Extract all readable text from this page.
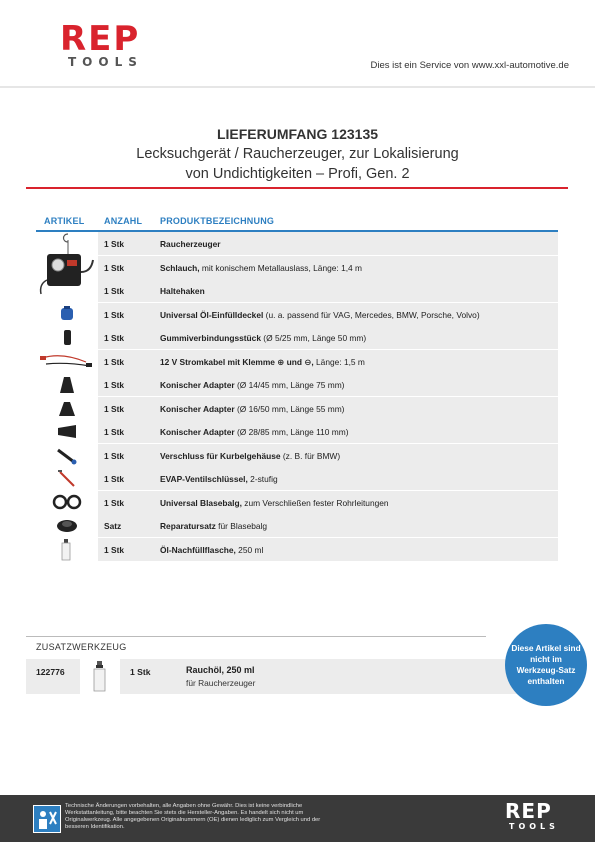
REP
TOOLS	Dies ist ein Service von www.xxl-automotive.de
LIEFERUMFANG 123135
Lecksuchgerät / Raucherzeuger, zur Lokalisierung
von Undichtigkeiten – Profi, Gen. 2
ARTIKEL ANZAHL PRODUKTBEZEICHNUNG
1 Stk	Raucherzeuger
1 Stk	Schlauch, mit konischem Metallauslass, Länge: 1,4 m
1 Stk	Haltehaken
1 Stk	Universal Öl-Einfülldeckel (u. a. passend für VAG, Mercedes, BMW, Porsche, Volvo)
1 Stk	Gummiverbindungsstück (Ø 5/25 mm, Länge 50 mm)
1 Stk	12 V Stromkabel mit Klemme ⊕ und ⊖, Länge: 1,5 m
1 Stk	Konischer Adapter (Ø 14/45 mm, Länge 75 mm)
1 Stk	Konischer Adapter (Ø 16/50 mm, Länge 55 mm)
1 Stk	Konischer Adapter (Ø 28/85 mm, Länge 110 mm)
1 Stk	Verschluss für Kurbelgehäuse (z. B. für BMW)
1 Stk	EVAP-Ventilschlüssel, 2-stufig
1 Stk	Universal Blasebalg, zum Verschließen fester Rohrleitungen
Satz	Reparatursatz für Blasebalg
1 Stk	Öl-Nachfüllflasche, 250 ml
ZUSATZWERKZEUG
122776	1 Stk	Rauchöl, 250 ml
für Raucherzeuger
Diese Artikel sind nicht im Werkzeug-Satz enthalten
Technische Änderungen vorbehalten, alle Angaben ohne Gewähr. Dies ist keine verbindliche Werkstattanleitung, bitte beachten Sie stets die Hersteller-Angaben. Es handelt sich nicht um Originalwerkzeug. Alle angegebenen Originalnummern (OE) dienen lediglich zum Vergleich und der besseren Identifikation.
REP
TOOLS
